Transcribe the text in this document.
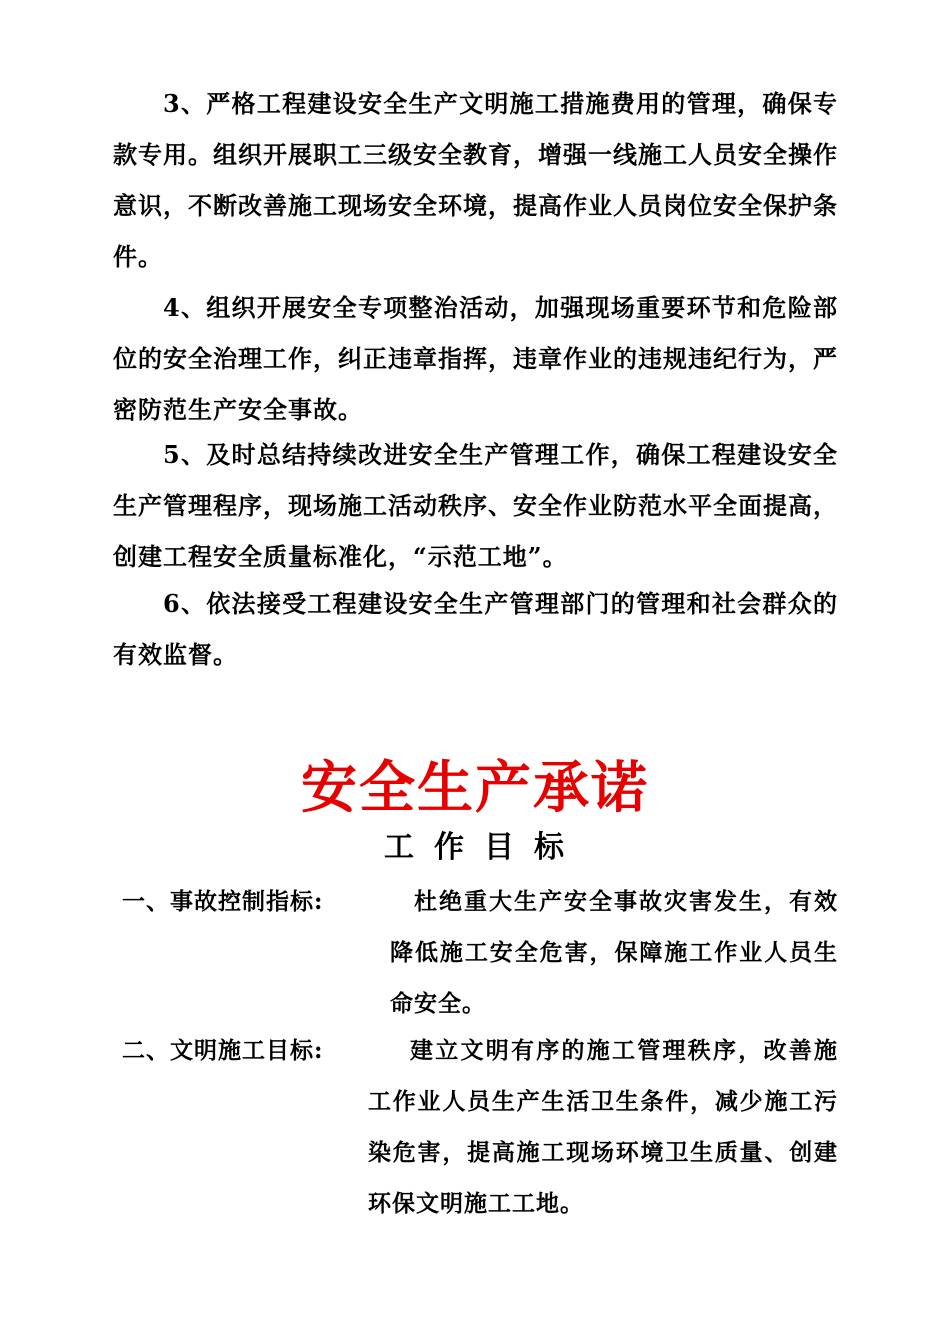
3、严格工程建设安全生产文明施工措施费用的管理，确保专款专用。组织开展职工三级安全教育，增强一线施工人员安全操作意识，不断改善施工现场安全环境，提高作业人员岗位安全保护条件。

4、组织开展安全专项整治活动，加强现场重要环节和危险部位的安全治理工作，纠正违章指挥，违章作业的违规违纪行为，严密防范生产安全事故。

5、及时总结持续改进安全生产管理工作，确保工程建设安全生产管理程序，现场施工活动秩序、安全作业防范水平全面提高，创建工程安全质量标准化，“示范工地”。

6、依法接受工程建设安全生产管理部门的管理和社会群众的有效监督。

安全生产承诺
工作目标
一、事故控制指标:	杜绝重大生产安全事故灾害发生，有效降低施工安全危害，保障施工作业人员生命安全。
二、文明施工目标:	建立文明有序的施工管理秩序，改善施工作业人员生产生活卫生条件，减少施工污染危害，提高施工现场环境卫生质量、创建环保文明施工工地。
